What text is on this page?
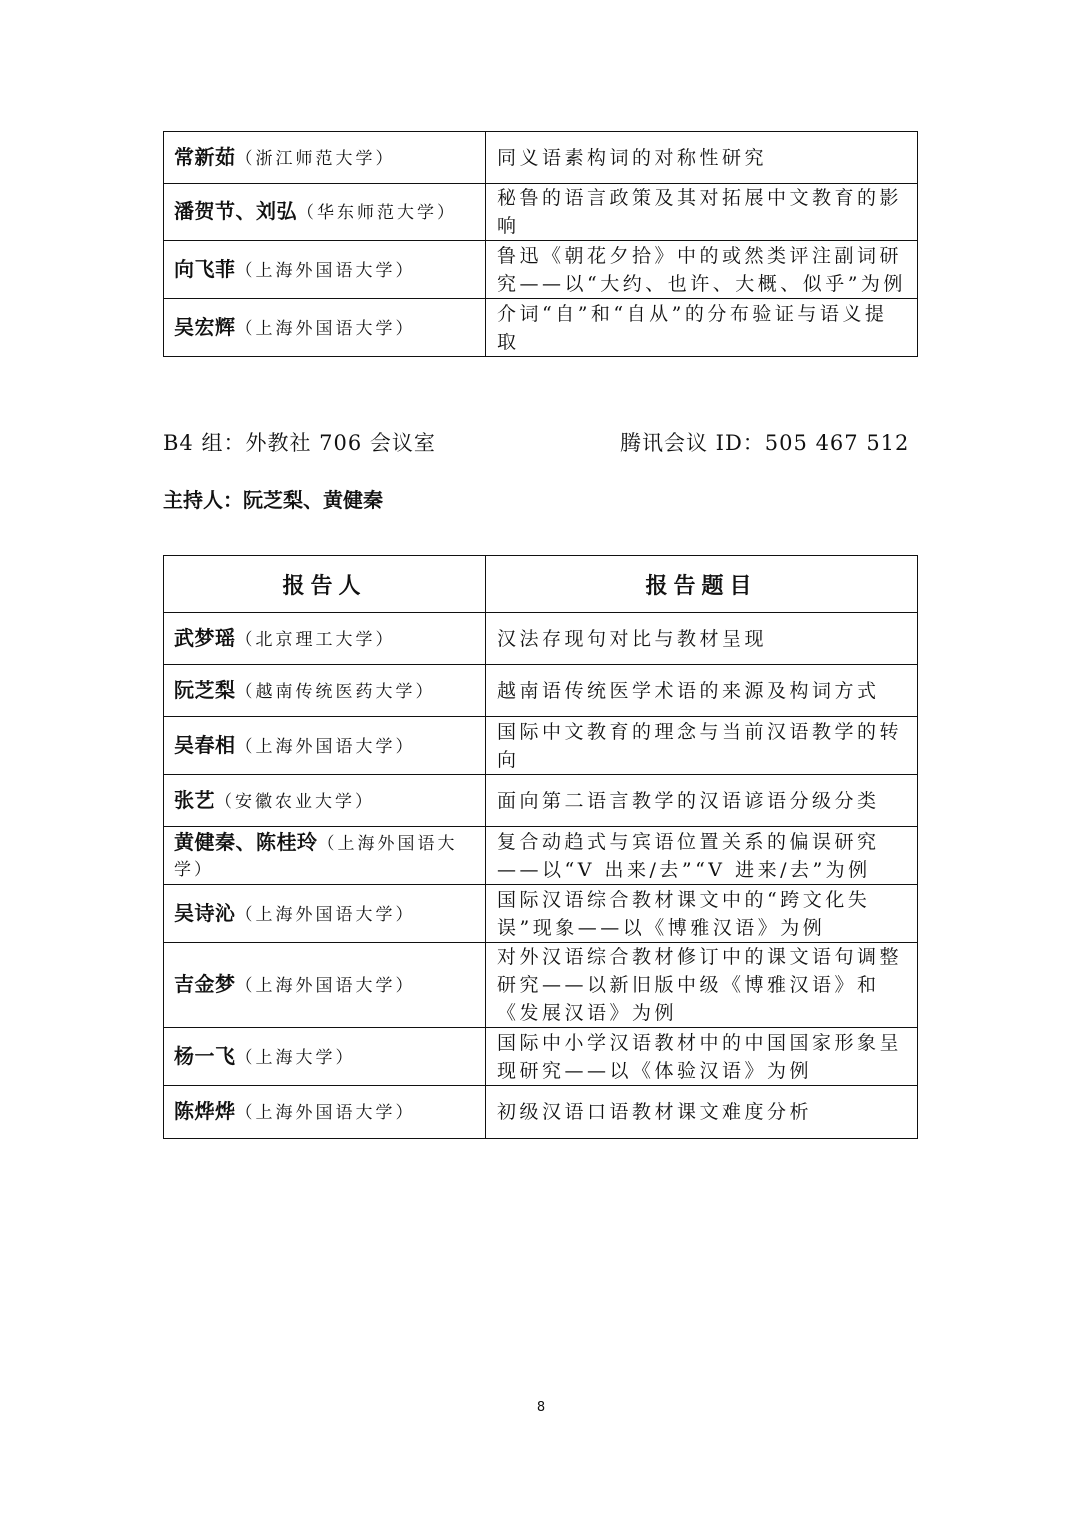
常新茹（浙江师范大学）	同义语素构词的对称性研究
潘贺节、刘弘（华东师范大学）	秘鲁的语言政策及其对拓展中文教育的影响
向飞菲（上海外国语大学）	鲁迅《朝花夕拾》中的或然类评注副词研究——以“大约、也许、大概、似乎”为例
吴宏辉（上海外国语大学）	介词“自”和“自从”的分布验证与语义提取
B4 组：外教社 706 会议室	腾讯会议 ID：505 467 512
主持人：阮芝梨、黄健秦
报告人	报告题目
武梦瑶（北京理工大学）	汉法存现句对比与教材呈现
阮芝梨（越南传统医药大学）	越南语传统医学术语的来源及构词方式
吴春相（上海外国语大学）	国际中文教育的理念与当前汉语教学的转向
张艺（安徽农业大学）	面向第二语言教学的汉语谚语分级分类
黄健秦、陈桂玲（上海外国语大学）	复合动趋式与宾语位置关系的偏误研究——以“V 出来/去”“V 进来/去”为例
吴诗沁（上海外国语大学）	国际汉语综合教材课文中的“跨文化失误”现象——以《博雅汉语》为例
吉金梦（上海外国语大学）	对外汉语综合教材修订中的课文语句调整研究——以新旧版中级《博雅汉语》和《发展汉语》为例
杨一飞（上海大学）	国际中小学汉语教材中的中国国家形象呈现研究——以《体验汉语》为例
陈烨烨（上海外国语大学）	初级汉语口语教材课文难度分析
8
